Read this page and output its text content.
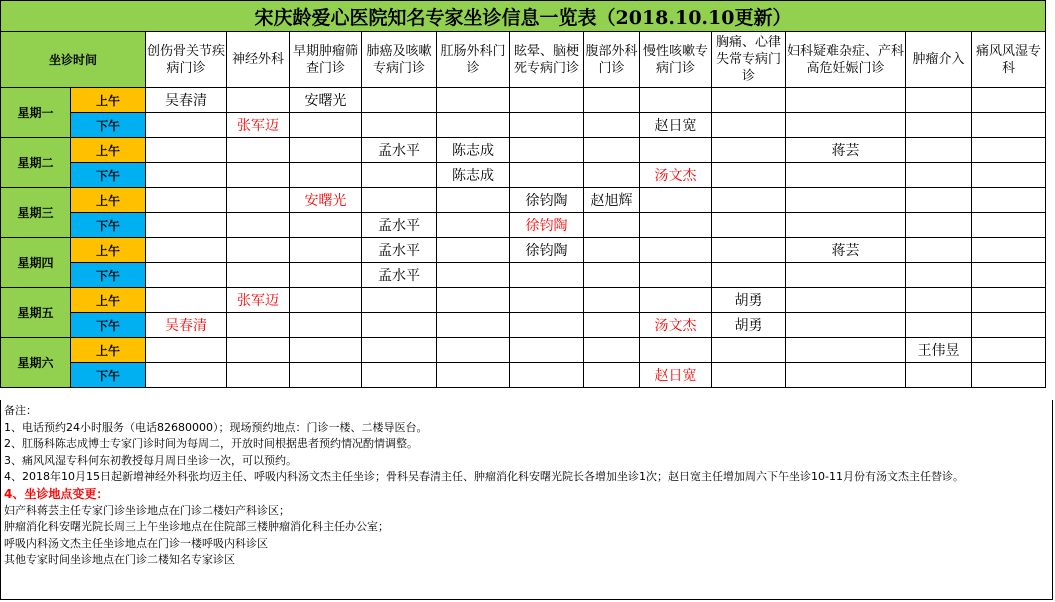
宋庆龄爱心医院知名专家坐诊信息一览表（2018.10.10更新）													
坐诊时间		创伤骨关节疾病门诊	神经外科	早期肿瘤筛查门诊	肺癌及咳嗽专病门诊	肛肠外科门诊	眩晕、脑梗死专病门诊	腹部外科门诊	慢性咳嗽专病门诊	胸痛、心律失常专病门诊	妇科疑难杂症、产科高危妊娠门诊	肿瘤介入	痛风风湿专科
星期一	上午	吴春清		安曙光									
	下午		张军迈						赵日宽				
星期二	上午				孟水平	陈志成					蒋芸		
	下午					陈志成			汤文杰				
星期三	上午			安曙光			徐钧陶	赵旭辉					
	下午				孟水平		徐钧陶						
星期四	上午				孟水平		徐钧陶				蒋芸		
	下午				孟水平								
星期五	上午		张军迈							胡勇			
	下午	吴春清							汤文杰	胡勇			
星期六	上午											王伟昱	
	下午								赵日宽				

备注：

1、电话预约24小时服务（电话82680000）；现场预约地点：门诊一楼、二楼导医台。

2、肛肠科陈志成博士专家门诊时间为每周二，开放时间根据患者预约情况酌情调整。

3、痛风风湿专科何东初教授每月周日坐诊一次，可以预约。

4、2018年10月15日起新增神经外科张均迈主任、呼吸内科汤文杰主任坐诊；骨科吴春清主任、肿瘤消化科安曙光院长各增加坐诊1次；赵日宽主任增加周六下午坐诊10-11月份有汤文杰主任替诊。

4、坐诊地点变更：

妇产科蒋芸主任专家门诊坐诊地点在门诊二楼妇产科诊区；

肿瘤消化科安曙光院长周三上午坐诊地点在住院部三楼肿瘤消化科主任办公室；

呼吸内科汤文杰主任坐诊地点在门诊一楼呼吸内科诊区

其他专家时间坐诊地点在门诊二楼知名专家诊区
